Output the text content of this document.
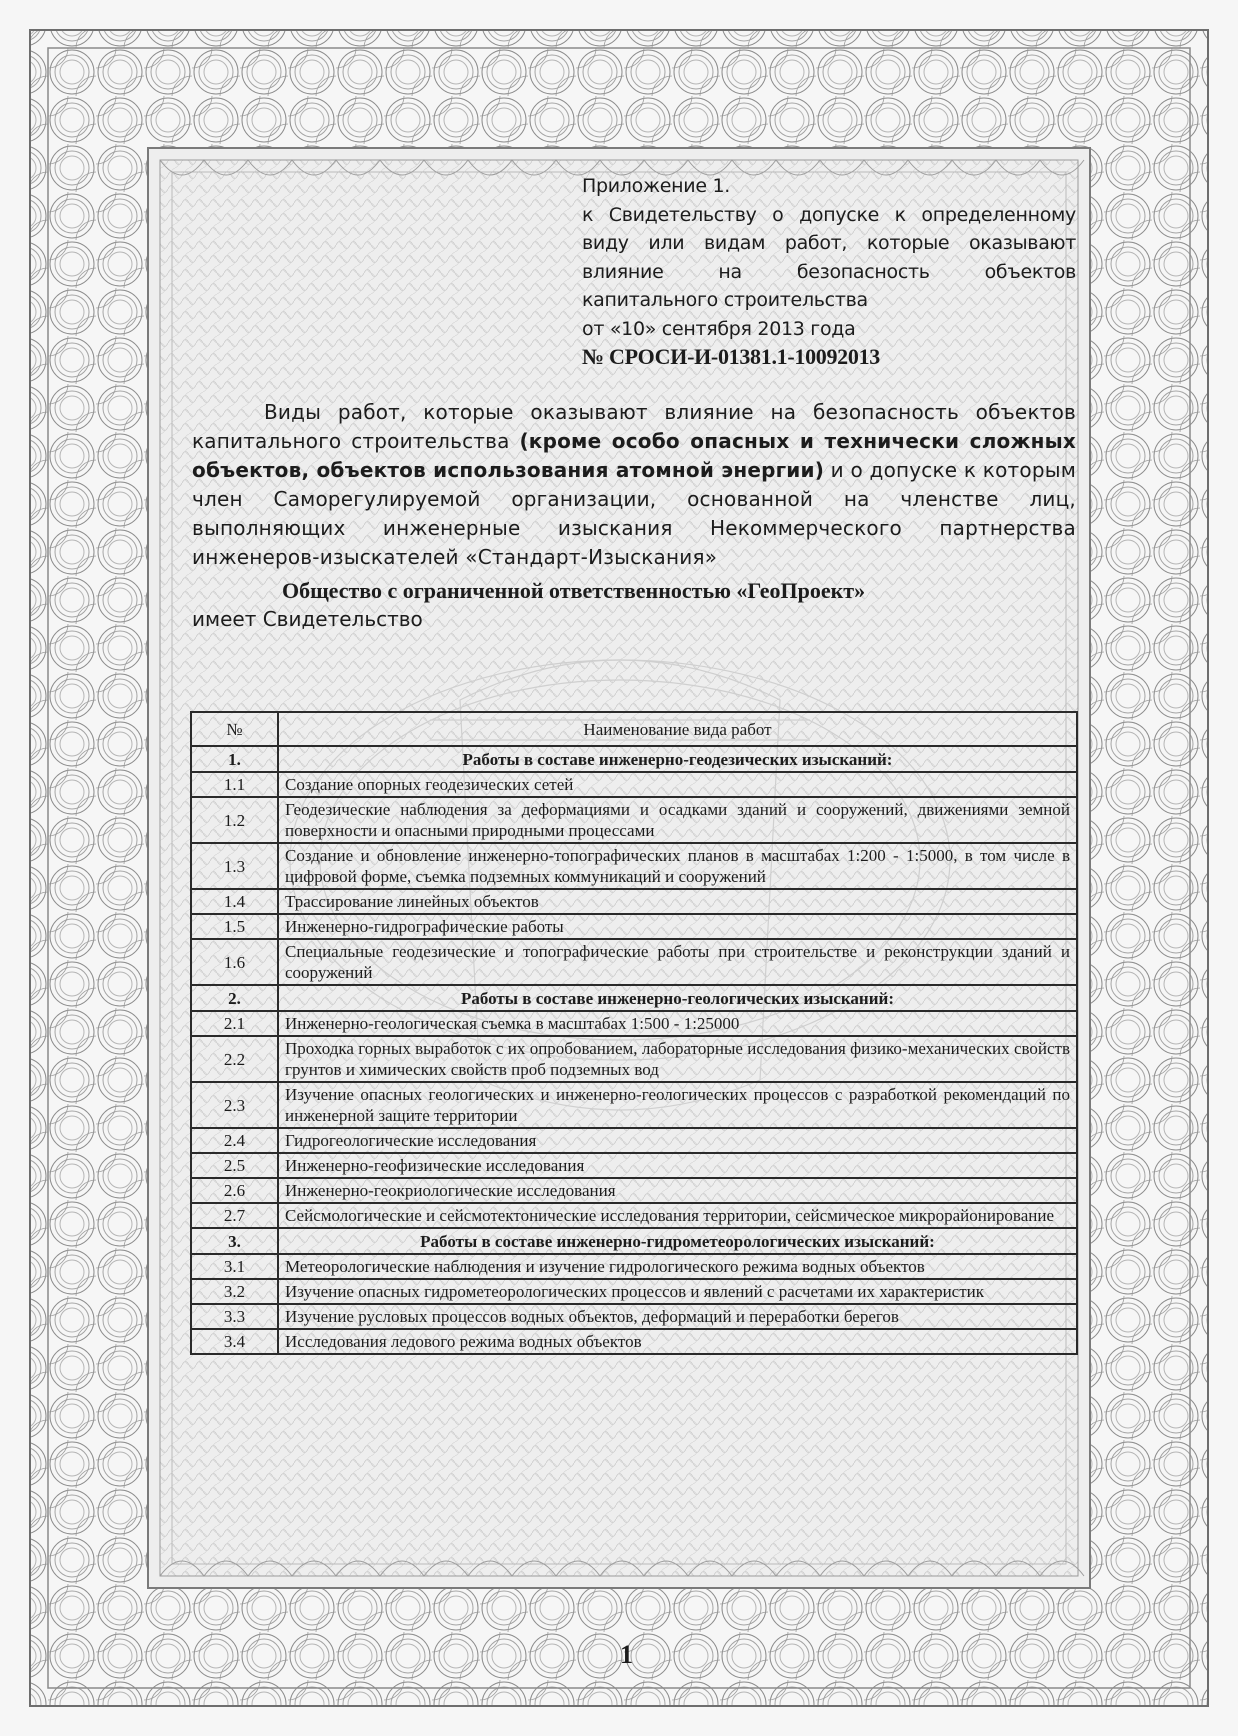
Приложение 1.
к Свидетельству о допуске к определенному
виду или видам работ, которые оказывают
влияние на безопасность объектов
капитального строительства
от «10» сентября 2013 года
№ СРОСИ-И-01381.1-10092013
Виды работ, которые оказывают влияние на безопасность объектов капитального строительства (кроме особо опасных и технически сложных объектов, объектов использования атомной энергии) и о допуске к которым член Саморегулируемой организации, основанной на членстве лиц, выполняющих инженерные изыскания Некоммерческого партнерства инженеров-изыскателей «Стандарт-Изыскания»
Общество с ограниченной ответственностью «ГеоПроект»
имеет Свидетельство
№	Наименование вида работ
1.	Работы в составе инженерно-геодезических изысканий:
1.1	Создание опорных геодезических сетей
1.2	Геодезические наблюдения за деформациями и осадками зданий и сооружений, движениями земной поверхности и опасными природными процессами
1.3	Создание и обновление инженерно-топографических планов в масштабах 1:200 - 1:5000, в том числе в цифровой форме, съемка подземных коммуникаций и сооружений
1.4	Трассирование линейных объектов
1.5	Инженерно-гидрографические работы
1.6	Специальные геодезические и топографические работы при строительстве и реконструкции зданий и сооружений
2.	Работы в составе инженерно-геологических изысканий:
2.1	Инженерно-геологическая съемка в масштабах 1:500 - 1:25000
2.2	Проходка горных выработок с их опробованием, лабораторные исследования физико-механических свойств грунтов и химических свойств проб подземных вод
2.3	Изучение опасных геологических и инженерно-геологических процессов с разработкой рекомендаций по инженерной защите территории
2.4	Гидрогеологические исследования
2.5	Инженерно-геофизические исследования
2.6	Инженерно-геокриологические исследования
2.7	Сейсмологические и сейсмотектонические исследования территории, сейсмическое микрорайонирование
3.	Работы в составе инженерно-гидрометеорологических изысканий:
3.1	Метеорологические наблюдения и изучение гидрологического режима водных объектов
3.2	Изучение опасных гидрометеорологических процессов и явлений с расчетами их характеристик
3.3	Изучение русловых процессов водных объектов, деформаций и переработки берегов
3.4	Исследования ледового режима водных объектов
1
